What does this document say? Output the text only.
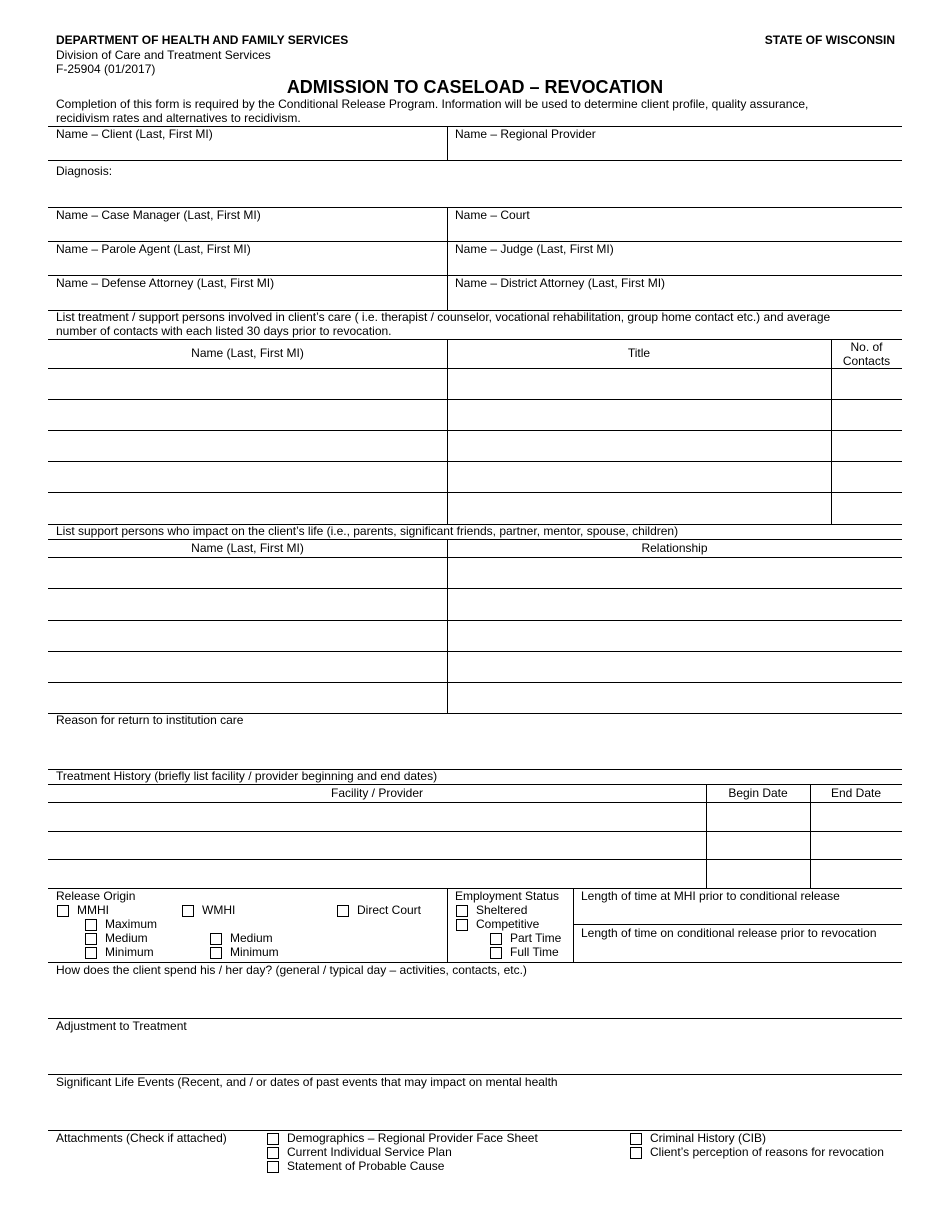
DEPARTMENT OF HEALTH AND FAMILY SERVICES
Division of Care and Treatment Services
F-25904 (01/2017)
STATE OF WISCONSIN
ADMISSION TO CASELOAD – REVOCATION
Completion of this form is required by the Conditional Release Program. Information will be used to determine client profile, quality assurance,
recidivism rates and alternatives to recidivism.
Name – Client (Last, First MI)	Name – Regional Provider
Diagnosis:
Name – Case Manager (Last, First MI)	Name – Court
Name – Parole Agent (Last, First MI)	Name – Judge (Last, First MI)
Name – Defense Attorney (Last, First MI)	Name – District Attorney (Last, First MI)
List treatment / support persons involved in client’s care ( i.e. therapist / counselor, vocational rehabilitation, group home contact etc.) and average
number of contacts with each listed 30 days prior to revocation.
Name (Last, First MI)	Title	No. of
Contacts
List support persons who impact on the client’s life (i.e., parents, significant friends, partner, mentor, spouse, children)
Name (Last, First MI)	Relationship
Reason for return to institution care
Treatment History (briefly list facility / provider beginning and end dates)
Facility / Provider	Begin Date	End Date
Release Origin
MMHI	WMHI	Direct Court
Maximum
Medium	Medium
Minimum	Minimum
Employment Status
Sheltered
Competitive
Part Time
Full Time
Length of time at MHI prior to conditional release
Length of time on conditional release prior to revocation
How does the client spend his / her day? (general / typical day – activities, contacts, etc.)
Adjustment to Treatment
Significant Life Events (Recent, and / or dates of past events that may impact on mental health
Attachments (Check if attached)	Demographics – Regional Provider Face Sheet
Current Individual Service Plan
Statement of Probable Cause
Criminal History (CIB)
Client’s perception of reasons for revocation
